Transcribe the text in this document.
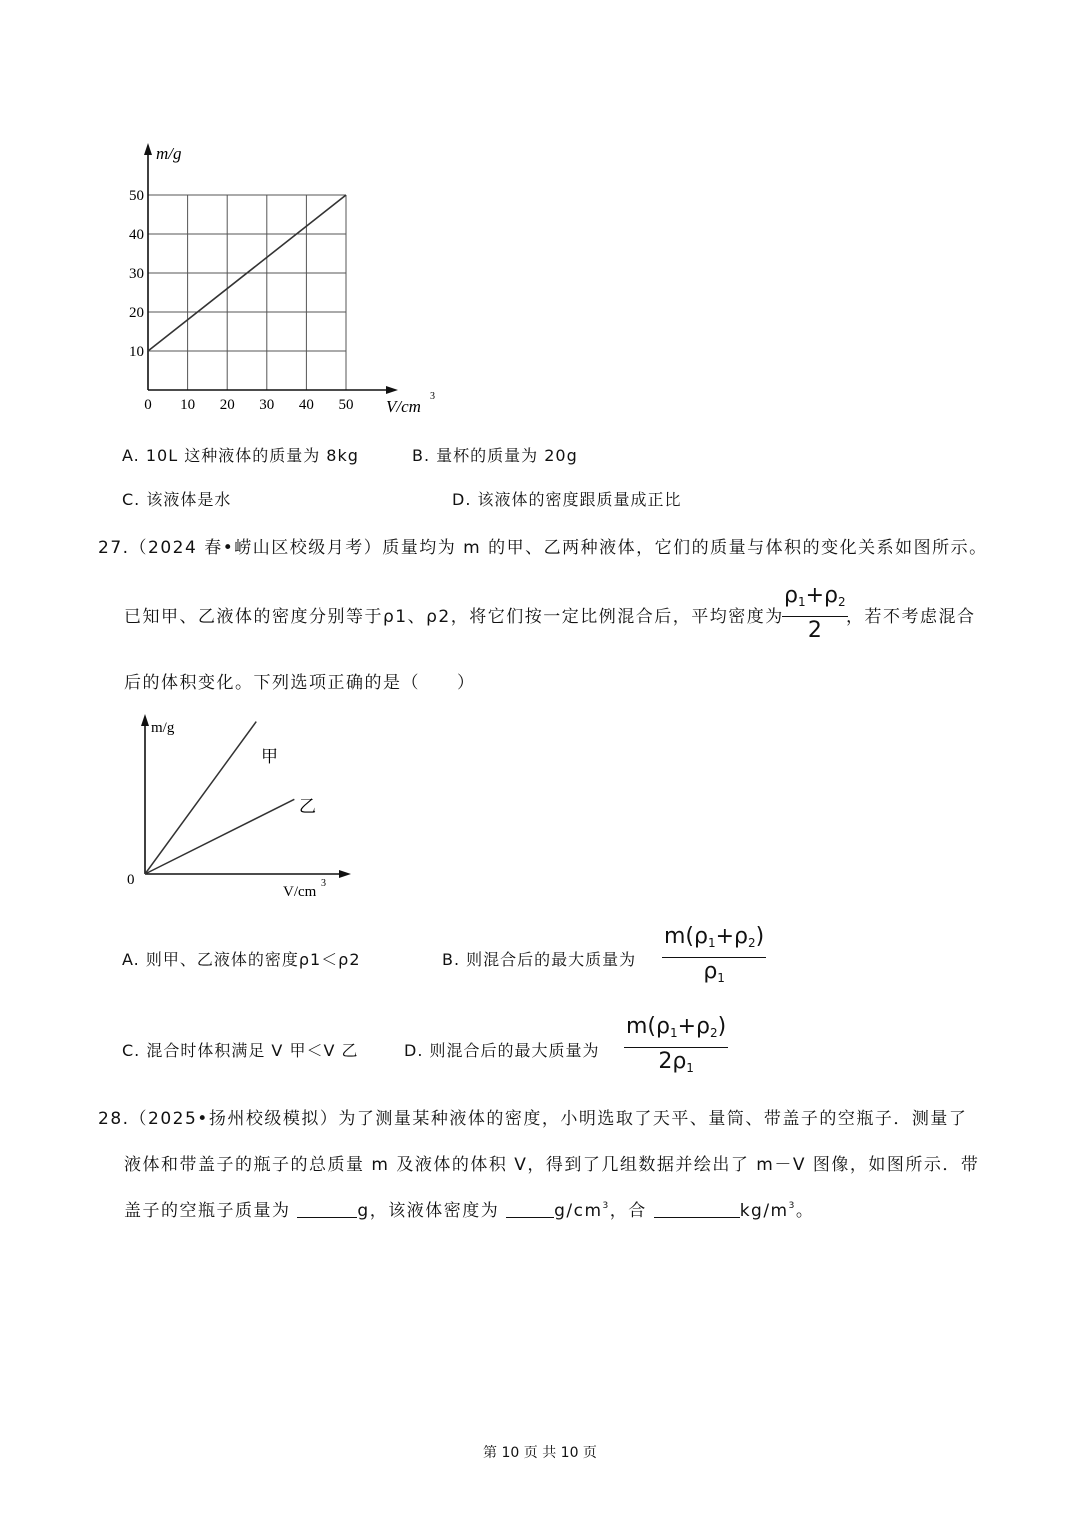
0 10 20 30 40 50
10
20
30
40
50
m/g
V/cm
3
A. 10L 这种液体的质量为 8kg	B. 量杯的质量为 20g
C. 该液体是水	D. 该液体的密度跟质量成正比
27.（2024 春•崂山区校级月考）质量均为 m 的甲、乙两种液体，它们的质量与体积的变化关系如图所示。
已知甲、乙液体的密度分别等于ρ1、ρ2，将它们按一定比例混合后，平均密度为
$\rho_1+\rho_2$
2
，若不考虑混合
后的体积变化。下列选项正确的是（　　）
m/g
0
V/cm
3
甲
乙
A. 则甲、乙液体的密度ρ1＜ρ2	B. 则混合后的最大质量为
$m(\rho_1+\rho_2)$
$\rho_1$
C. 混合时体积满足 V 甲＜V 乙	D. 则混合后的最大质量为
$m(\rho_1+\rho_2)$
$2\rho_1$
28.（2025•扬州校级模拟）为了测量某种液体的密度，小明选取了天平、量筒、带盖子的空瓶子．测量了
液体和带盖子的瓶子的总质量 m 及液体的体积 V，得到了几组数据并绘出了 m－V 图像，如图所示．带
盖子的空瓶子质量为	g，该液体密度为	$g/cm^3$，合	$kg/m^3$。
第 10 页 共 10 页
